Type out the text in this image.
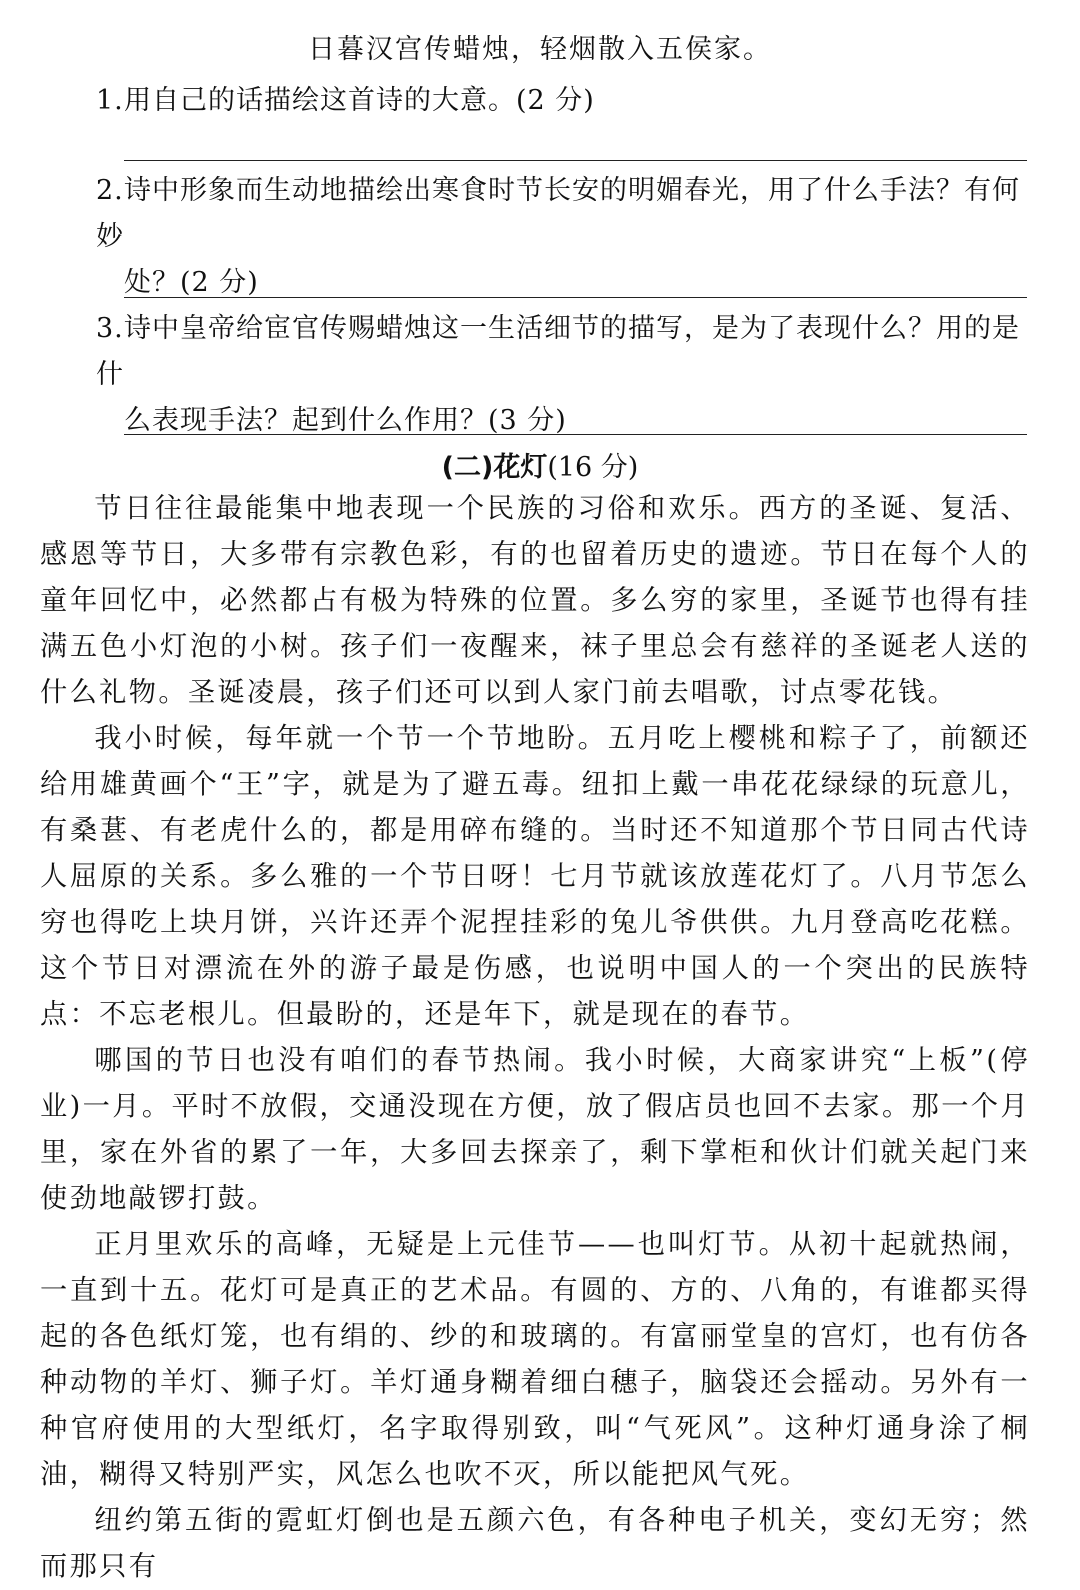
日暮汉宫传蜡烛，轻烟散入五侯家。
1.用自己的话描绘这首诗的大意。(2 分)
2.诗中形象而生动地描绘出寒食时节长安的明媚春光，用了什么手法？有何妙
处？(2 分)
3.诗中皇帝给宦官传赐蜡烛这一生活细节的描写，是为了表现什么？用的是什
么表现手法？起到什么作用？(3 分)
(二)花灯(16 分)

节日往往最能集中地表现一个民族的习俗和欢乐。西方的圣诞、复活、感恩等节日，大多带有宗教色彩，有的也留着历史的遗迹。节日在每个人的童年回忆中，必然都占有极为特殊的位置。多么穷的家里，圣诞节也得有挂满五色小灯泡的小树。孩子们一夜醒来，袜子里总会有慈祥的圣诞老人送的什么礼物。圣诞凌晨，孩子们还可以到人家门前去唱歌，讨点零花钱。

我小时候，每年就一个节一个节地盼。五月吃上樱桃和粽子了，前额还给用雄黄画个“王”字，就是为了避五毒。纽扣上戴一串花花绿绿的玩意儿，有桑葚、有老虎什么的，都是用碎布缝的。当时还不知道那个节日同古代诗人屈原的关系。多么雅的一个节日呀！七月节就该放莲花灯了。八月节怎么穷也得吃上块月饼，兴许还弄个泥捏挂彩的兔儿爷供供。九月登高吃花糕。这个节日对漂流在外的游子最是伤感，也说明中国人的一个突出的民族特点：不忘老根儿。但最盼的，还是年下，就是现在的春节。

哪国的节日也没有咱们的春节热闹。我小时候，大商家讲究“上板”(停业)一月。平时不放假，交通没现在方便，放了假店员也回不去家。那一个月里，家在外省的累了一年，大多回去探亲了，剩下掌柜和伙计们就关起门来使劲地敲锣打鼓。

正月里欢乐的高峰，无疑是上元佳节——也叫灯节。从初十起就热闹，一直到十五。花灯可是真正的艺术品。有圆的、方的、八角的，有谁都买得起的各色纸灯笼，也有绢的、纱的和玻璃的。有富丽堂皇的宫灯，也有仿各种动物的羊灯、狮子灯。羊灯通身糊着细白穗子，脑袋还会摇动。另外有一种官府使用的大型纸灯，名字取得别致，叫“气死风”。这种灯通身涂了桐油，糊得又特别严实，风怎么也吹不灭，所以能把风气死。

纽约第五街的霓虹灯倒也是五颜六色，有各种电子机关，变幻无穷；然而那只有
